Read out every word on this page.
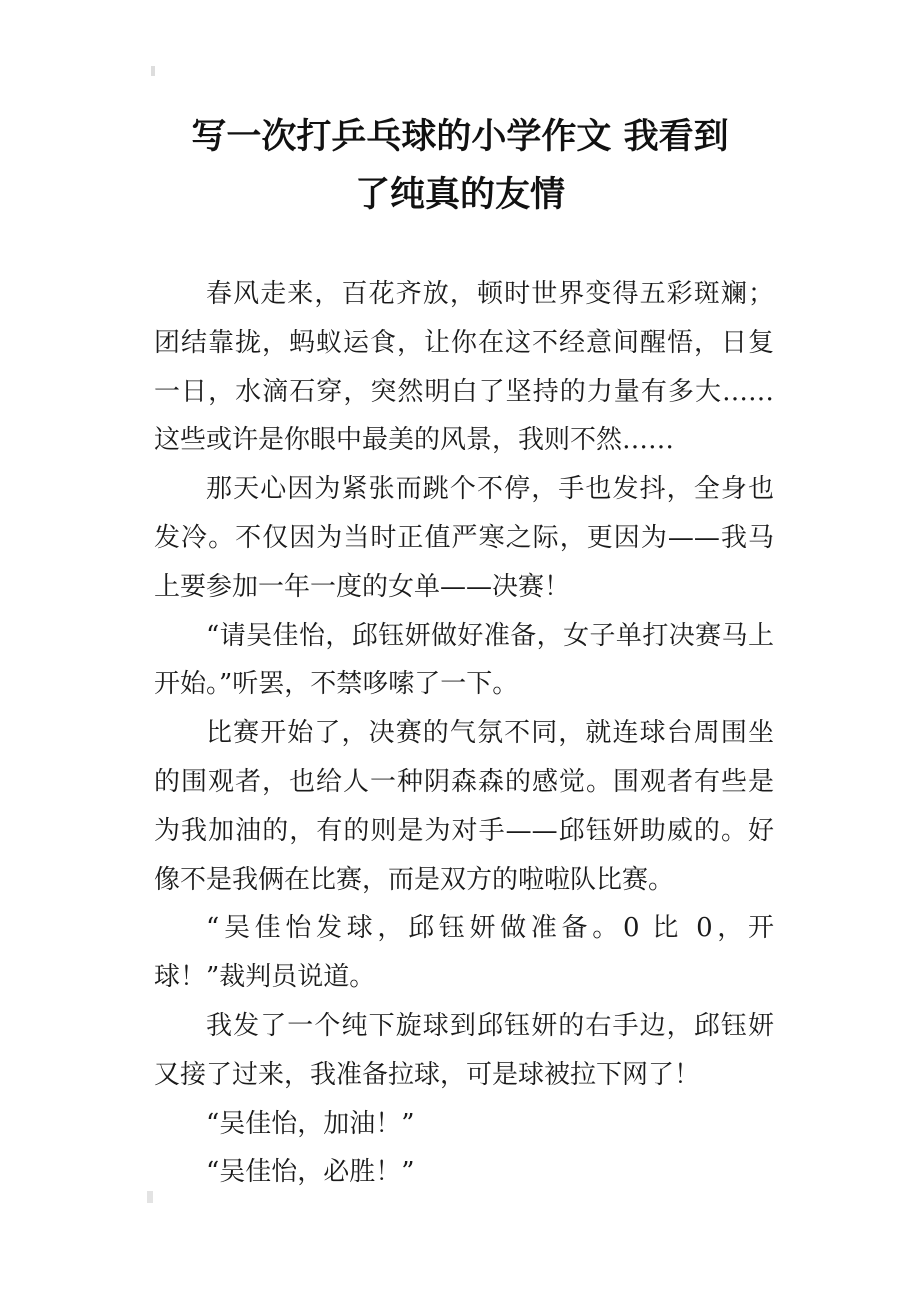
写一次打乒乓球的小学作文 我看到
了纯真的友情

春风走来，百花齐放，顿时世界变得五彩斑斓；团结靠拢，蚂蚁运食，让你在这不经意间醒悟，日复一日，水滴石穿，突然明白了坚持的力量有多大……这些或许是你眼中最美的风景，我则不然……

那天心因为紧张而跳个不停，手也发抖，全身也发冷。不仅因为当时正值严寒之际，更因为——我马上要参加一年一度的女单——决赛！

“请吴佳怡，邱钰妍做好准备，女子单打决赛马上开始。”听罢，不禁哆嗦了一下。

比赛开始了，决赛的气氛不同，就连球台周围坐的围观者，也给人一种阴森森的感觉。围观者有些是为我加油的，有的则是为对手——邱钰妍助威的。好像不是我俩在比赛，而是双方的啦啦队比赛。

“吴佳怡发球，邱钰妍做准备。0 比 0，开球！”裁判员说道。

我发了一个纯下旋球到邱钰妍的右手边，邱钰妍又接了过来，我准备拉球，可是球被拉下网了！

“吴佳怡，加油！”

“吴佳怡，必胜！”
